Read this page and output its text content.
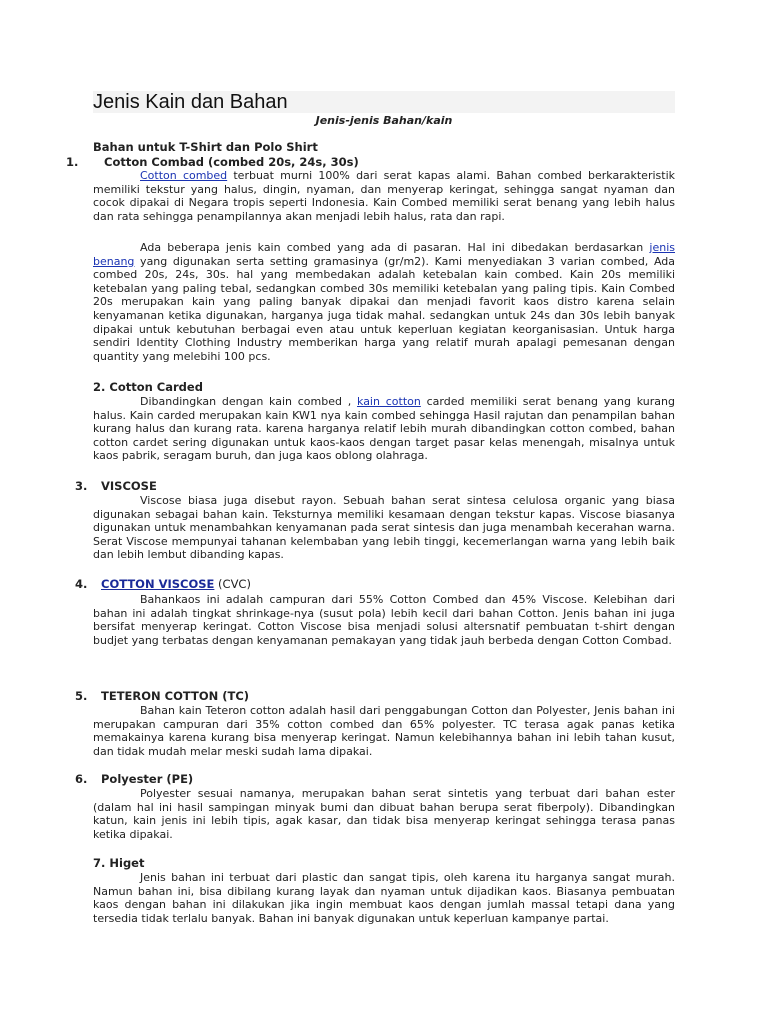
Jenis Kain dan Bahan
Jenis-jenis Bahan/kain
Bahan untuk T-Shirt dan Polo Shirt
1. Cotton Combad (combed 20s, 24s, 30s)

Cotton combed terbuat murni 100% dari serat kapas alami. Bahan combed berkarakteristik memiliki tekstur yang halus, dingin, nyaman, dan menyerap keringat, sehingga sangat nyaman dan cocok dipakai di Negara tropis seperti Indonesia. Kain Combed memiliki serat benang yang lebih halus dan rata sehingga penampilannya akan menjadi lebih halus, rata dan rapi.

Ada beberapa jenis kain combed yang ada di pasaran. Hal ini dibedakan berdasarkan jenis benang yang digunakan serta setting gramasinya (gr/m2). Kami menyediakan 3 varian combed, Ada combed 20s, 24s, 30s. hal yang membedakan adalah ketebalan kain combed. Kain 20s memiliki ketebalan yang paling tebal, sedangkan combed 30s memiliki ketebalan yang paling tipis. Kain Combed 20s merupakan kain yang paling banyak dipakai dan menjadi favorit kaos distro karena selain kenyamanan ketika digunakan, harganya juga tidak mahal. sedangkan untuk 24s dan 30s lebih banyak dipakai untuk kebutuhan berbagai even atau untuk keperluan kegiatan keorganisasian. Untuk harga sendiri Identity Clothing Industry memberikan harga yang relatif murah apalagi pemesanan dengan quantity yang melebihi 100 pcs.

2. Cotton Carded

Dibandingkan dengan kain combed , kain cotton carded memiliki serat benang yang kurang halus. Kain carded merupakan kain KW1 nya kain combed sehingga Hasil rajutan dan penampilan bahan kurang halus dan kurang rata. karena harganya relatif lebih murah dibandingkan cotton combed, bahan cotton cardet sering digunakan untuk kaos-kaos dengan target pasar kelas menengah, misalnya untuk kaos pabrik, seragam buruh, dan juga kaos oblong olahraga.

3. VISCOSE

Viscose biasa juga disebut rayon. Sebuah bahan serat sintesa celulosa organic yang biasa digunakan sebagai bahan kain. Teksturnya memiliki kesamaan dengan tekstur kapas. Viscose biasanya digunakan untuk menambahkan kenyamanan pada serat sintesis dan juga menambah kecerahan warna. Serat Viscose mempunyai tahanan kelembaban yang lebih tinggi, kecemerlangan warna yang lebih baik dan lebih lembut dibanding kapas.

4. COTTON VISCOSE (CVC)

Bahankaos ini adalah campuran dari 55% Cotton Combed dan 45% Viscose. Kelebihan dari bahan ini adalah tingkat shrinkage-nya (susut pola) lebih kecil dari bahan Cotton. Jenis bahan ini juga bersifat menyerap keringat. Cotton Viscose bisa menjadi solusi altersnatif pembuatan t-shirt dengan budjet yang terbatas dengan kenyamanan pemakayan yang tidak jauh berbeda dengan Cotton Combad.

5. TETERON COTTON (TC)

Bahan kain Teteron cotton adalah hasil dari penggabungan Cotton dan Polyester, Jenis bahan ini merupakan campuran dari 35% cotton combed dan 65% polyester. TC terasa agak panas ketika memakainya karena kurang bisa menyerap keringat. Namun kelebihannya bahan ini lebih tahan kusut, dan tidak mudah melar meski sudah lama dipakai.

6. Polyester (PE)

Polyester sesuai namanya, merupakan bahan serat sintetis yang terbuat dari bahan ester (dalam hal ini hasil sampingan minyak bumi dan dibuat bahan berupa serat fiberpoly). Dibandingkan katun, kain jenis ini lebih tipis, agak kasar, dan tidak bisa menyerap keringat sehingga terasa panas ketika dipakai.

7. Higet

Jenis bahan ini terbuat dari plastic dan sangat tipis, oleh karena itu harganya sangat murah. Namun bahan ini, bisa dibilang kurang layak dan nyaman untuk dijadikan kaos. Biasanya pembuatan kaos dengan bahan ini dilakukan jika ingin membuat kaos dengan jumlah massal tetapi dana yang tersedia tidak terlalu banyak. Bahan ini banyak digunakan untuk keperluan kampanye partai.
